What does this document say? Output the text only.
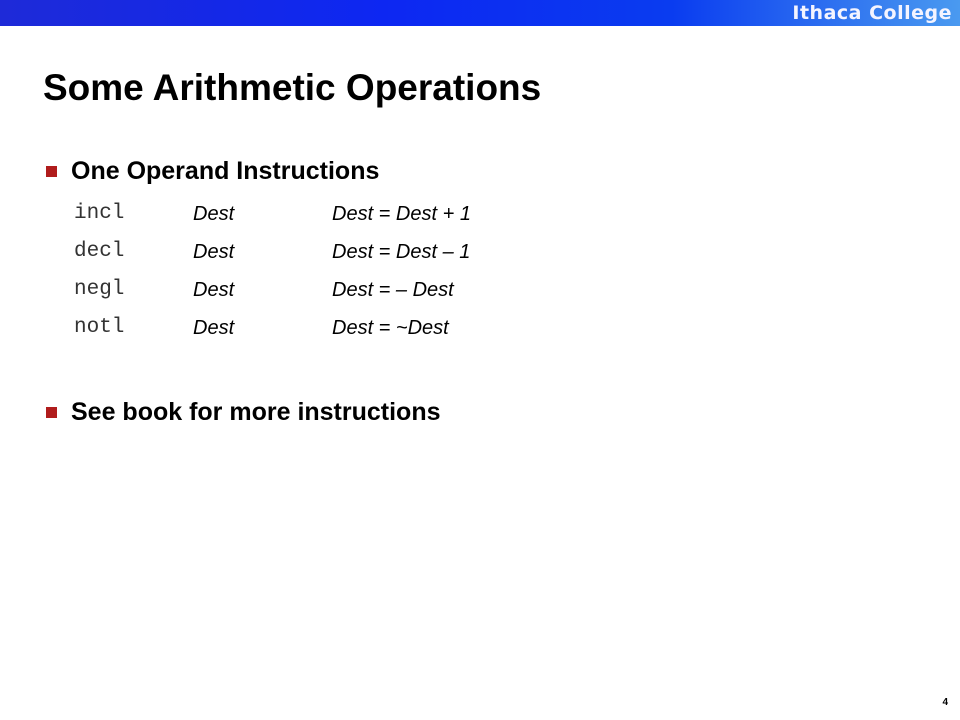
Ithaca College
Some Arithmetic Operations
One Operand Instructions
incl	Dest	Dest = Dest + 1
decl	Dest	Dest = Dest – 1
negl	Dest	Dest = – Dest
notl	Dest	Dest = ~Dest
See book for more instructions
4
